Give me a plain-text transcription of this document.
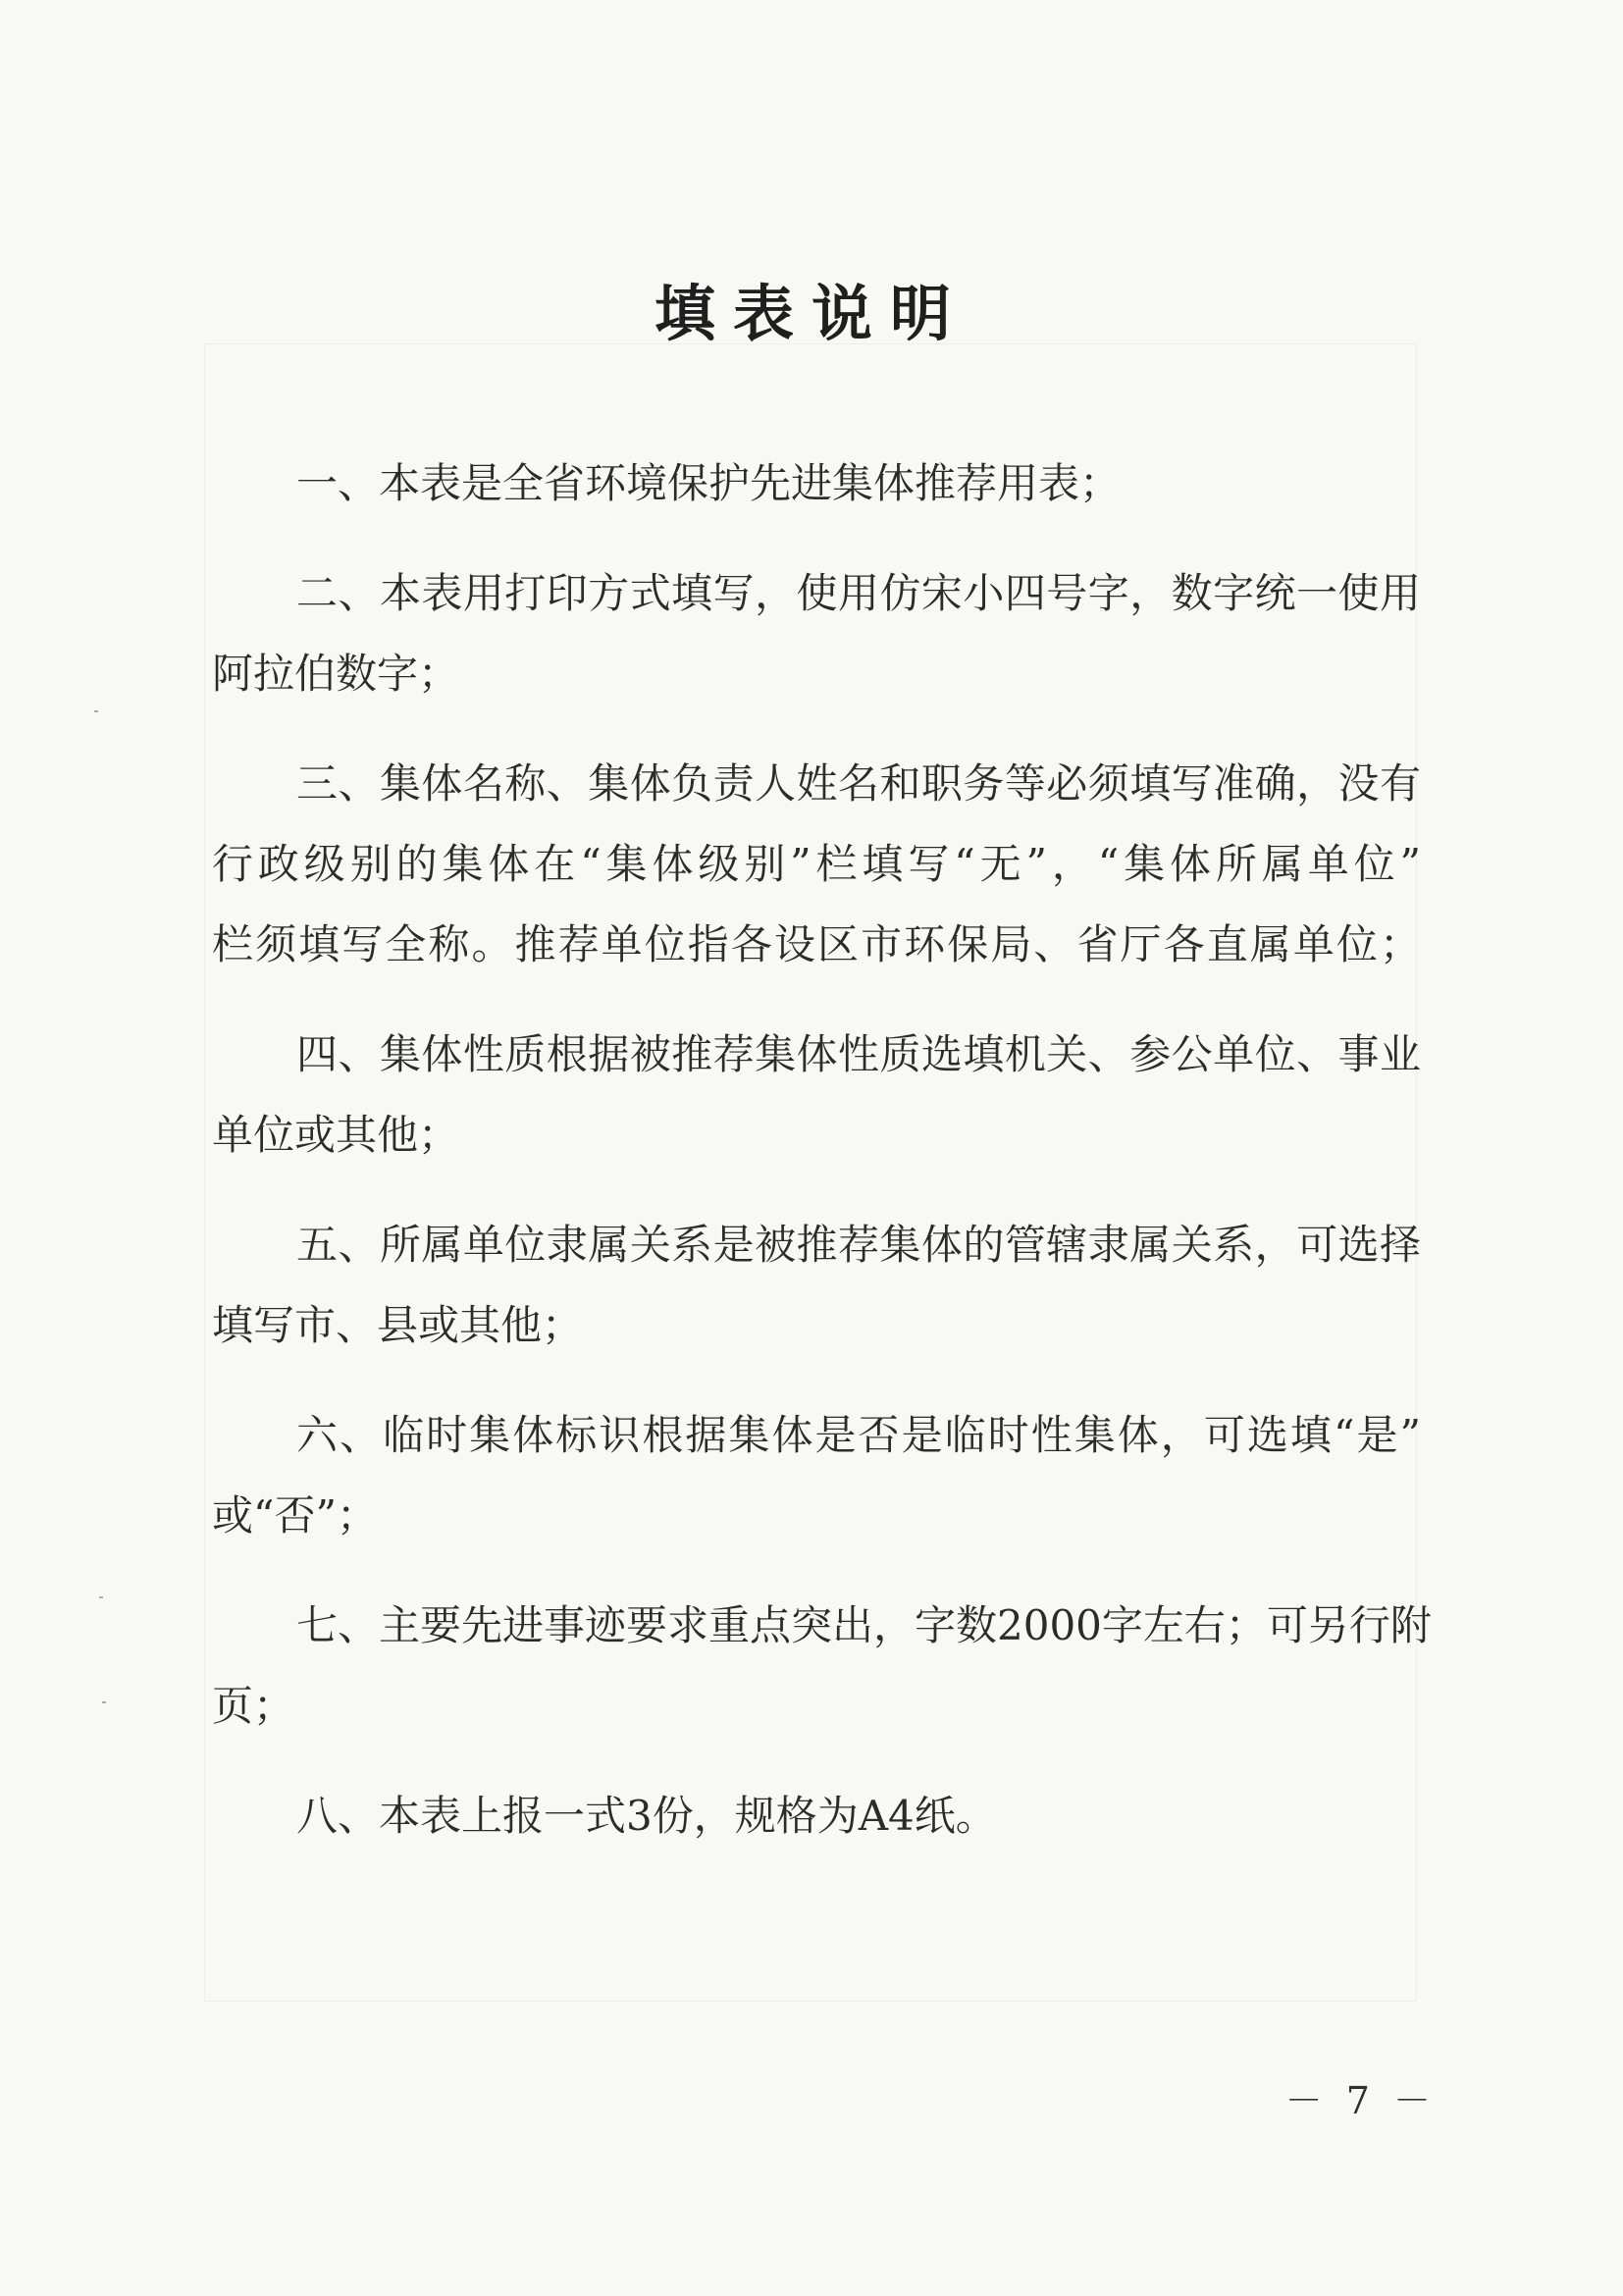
填表说明
一、本表是全省环境保护先进集体推荐用表；
二、本表用打印方式填写，使用仿宋小四号字，数字统一使用
阿拉伯数字；
三、集体名称、集体负责人姓名和职务等必须填写准确，没有
行政级别的集体在“集体级别”栏填写“无”，“集体所属单位”
栏须填写全称。推荐单位指各设区市环保局、省厅各直属单位；
四、集体性质根据被推荐集体性质选填机关、参公单位、事业
单位或其他；
五、所属单位隶属关系是被推荐集体的管辖隶属关系，可选择
填写市、县或其他；
六、临时集体标识根据集体是否是临时性集体，可选填“是”
或“否”；
七、主要先进事迹要求重点突出，字数2000字左右；可另行附
页；
八、本表上报一式3份，规格为A4纸。
－ 7 －
